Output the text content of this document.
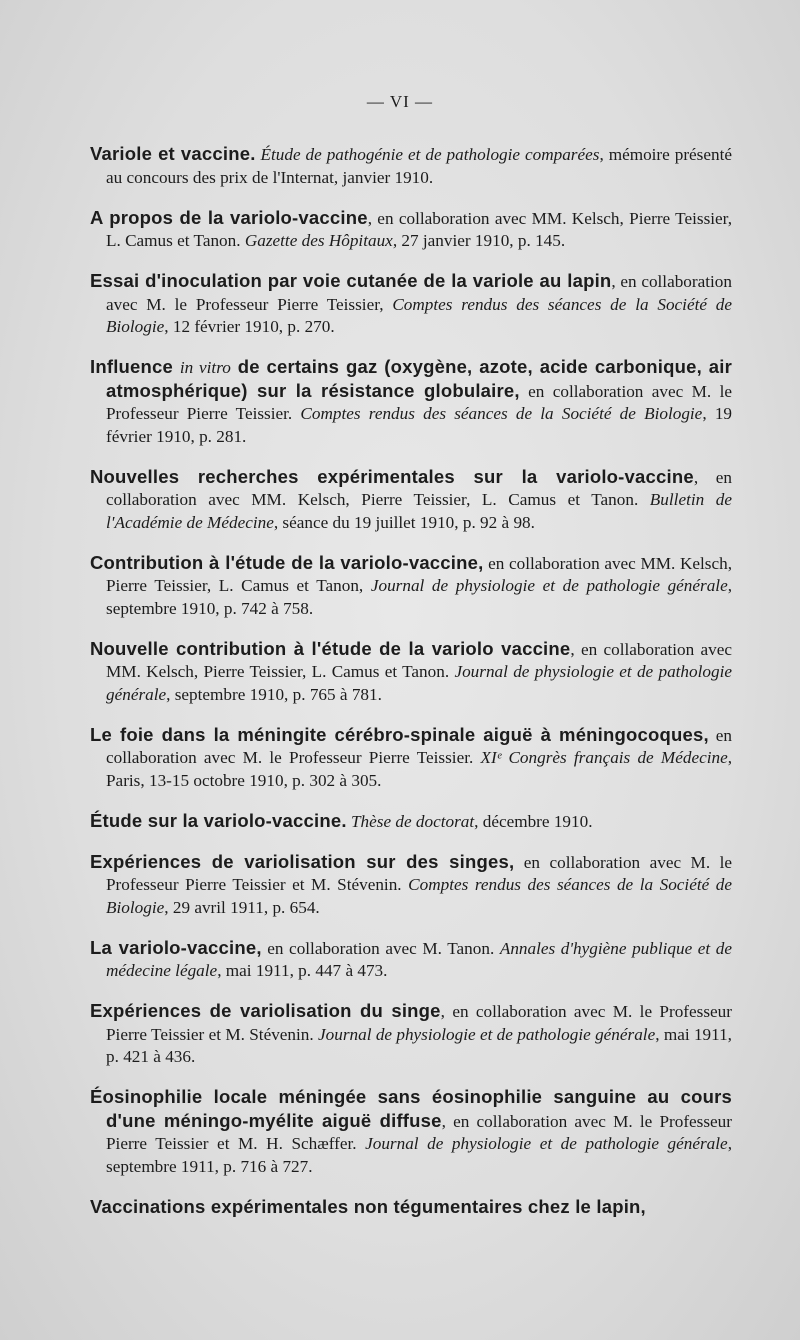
— VI —

Variole et vaccine. Étude de pathogénie et de pathologie comparées, mémoire présenté au concours des prix de l'Internat, janvier 1910.

A propos de la variolo-vaccine, en collaboration avec MM. Kelsch, Pierre Teissier, L. Camus et Tanon. Gazette des Hôpitaux, 27 janvier 1910, p. 145.

Essai d'inoculation par voie cutanée de la variole au lapin, en collaboration avec M. le Professeur Pierre Teissier, Comptes rendus des séances de la Société de Biologie, 12 février 1910, p. 270.

Influence in vitro de certains gaz (oxygène, azote, acide carbonique, air atmosphérique) sur la résistance globulaire, en collaboration avec M. le Professeur Pierre Teissier. Comptes rendus des séances de la Société de Biologie, 19 février 1910, p. 281.

Nouvelles recherches expérimentales sur la variolo-vaccine, en collaboration avec MM. Kelsch, Pierre Teissier, L. Camus et Tanon. Bulletin de l'Académie de Médecine, séance du 19 juillet 1910, p. 92 à 98.

Contribution à l'étude de la variolo-vaccine, en collaboration avec MM. Kelsch, Pierre Teissier, L. Camus et Tanon, Journal de physiologie et de pathologie générale, septembre 1910, p. 742 à 758.

Nouvelle contribution à l'étude de la variolo vaccine, en collaboration avec MM. Kelsch, Pierre Teissier, L. Camus et Tanon. Journal de physiologie et de pathologie générale, septembre 1910, p. 765 à 781.

Le foie dans la méningite cérébro-spinale aiguë à méningocoques, en collaboration avec M. le Professeur Pierre Teissier. XIᵉ Congrès français de Médecine, Paris, 13-15 octobre 1910, p. 302 à 305.

Étude sur la variolo-vaccine. Thèse de doctorat, décembre 1910.

Expériences de variolisation sur des singes, en collaboration avec M. le Professeur Pierre Teissier et M. Stévenin. Comptes rendus des séances de la Société de Biologie, 29 avril 1911, p. 654.

La variolo-vaccine, en collaboration avec M. Tanon. Annales d'hygiène publique et de médecine légale, mai 1911, p. 447 à 473.

Expériences de variolisation du singe, en collaboration avec M. le Professeur Pierre Teissier et M. Stévenin. Journal de physiologie et de pathologie générale, mai 1911, p. 421 à 436.

Éosinophilie locale méningée sans éosinophilie sanguine au cours d'une méningo-myélite aiguë diffuse, en collaboration avec M. le Professeur Pierre Teissier et M. H. Schæffer. Journal de physiologie et de pathologie générale, septembre 1911, p. 716 à 727.

Vaccinations expérimentales non tégumentaires chez le lapin,
